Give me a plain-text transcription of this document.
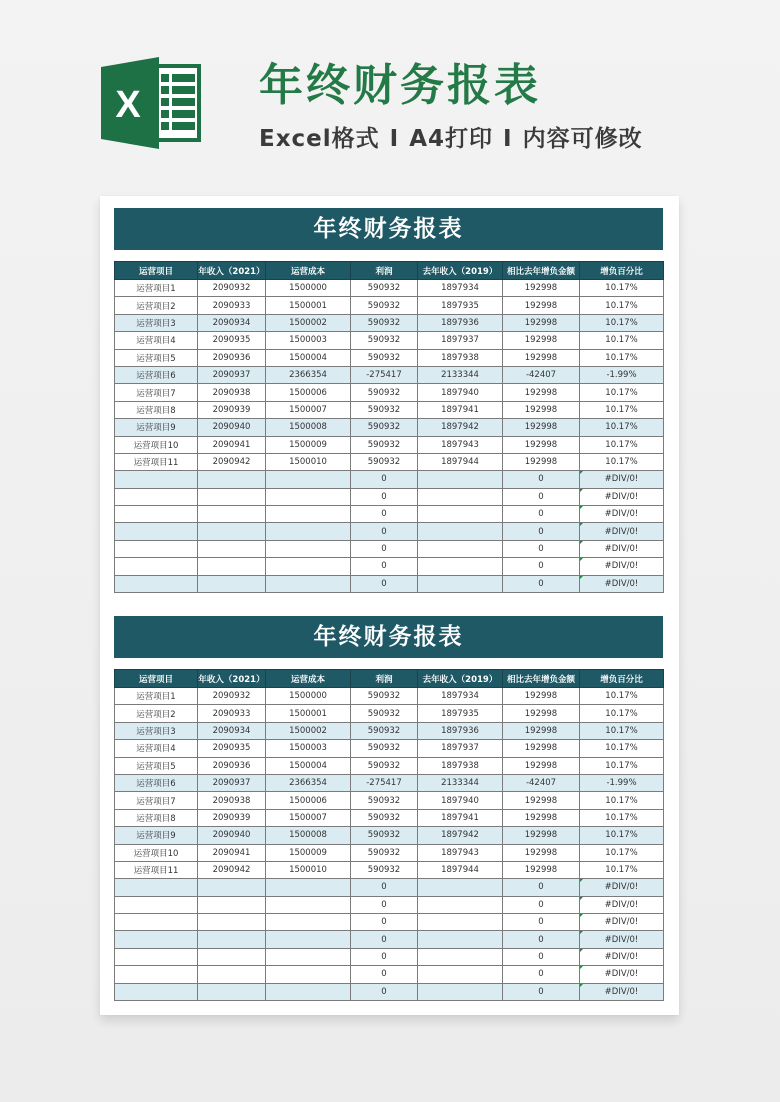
X	年终财务报表
Excel格式 I A4打印 I 内容可修改
年终财务报表
运营项目	年收入（2021）	运营成本	利润	去年收入（2019）	相比去年增负金额	增负百分比
运营项目1	2090932	1500000	590932	1897934	192998	10.17%
运营项目2	2090933	1500001	590932	1897935	192998	10.17%
运营项目3	2090934	1500002	590932	1897936	192998	10.17%
运营项目4	2090935	1500003	590932	1897937	192998	10.17%
运营项目5	2090936	1500004	590932	1897938	192998	10.17%
运营项目6	2090937	2366354	-275417	2133344	-42407	-1.99%
运营项目7	2090938	1500006	590932	1897940	192998	10.17%
运营项目8	2090939	1500007	590932	1897941	192998	10.17%
运营项目9	2090940	1500008	590932	1897942	192998	10.17%
运营项目10	2090941	1500009	590932	1897943	192998	10.17%
运营项目11	2090942	1500010	590932	1897944	192998	10.17%
			0		0	#DIV/0!
			0		0	#DIV/0!
			0		0	#DIV/0!
			0		0	#DIV/0!
			0		0	#DIV/0!
			0		0	#DIV/0!
			0		0	#DIV/0!
年终财务报表
运营项目	年收入（2021）	运营成本	利润	去年收入（2019）	相比去年增负金额	增负百分比
运营项目1	2090932	1500000	590932	1897934	192998	10.17%
运营项目2	2090933	1500001	590932	1897935	192998	10.17%
运营项目3	2090934	1500002	590932	1897936	192998	10.17%
运营项目4	2090935	1500003	590932	1897937	192998	10.17%
运营项目5	2090936	1500004	590932	1897938	192998	10.17%
运营项目6	2090937	2366354	-275417	2133344	-42407	-1.99%
运营项目7	2090938	1500006	590932	1897940	192998	10.17%
运营项目8	2090939	1500007	590932	1897941	192998	10.17%
运营项目9	2090940	1500008	590932	1897942	192998	10.17%
运营项目10	2090941	1500009	590932	1897943	192998	10.17%
运营项目11	2090942	1500010	590932	1897944	192998	10.17%
			0		0	#DIV/0!
			0		0	#DIV/0!
			0		0	#DIV/0!
			0		0	#DIV/0!
			0		0	#DIV/0!
			0		0	#DIV/0!
			0		0	#DIV/0!
